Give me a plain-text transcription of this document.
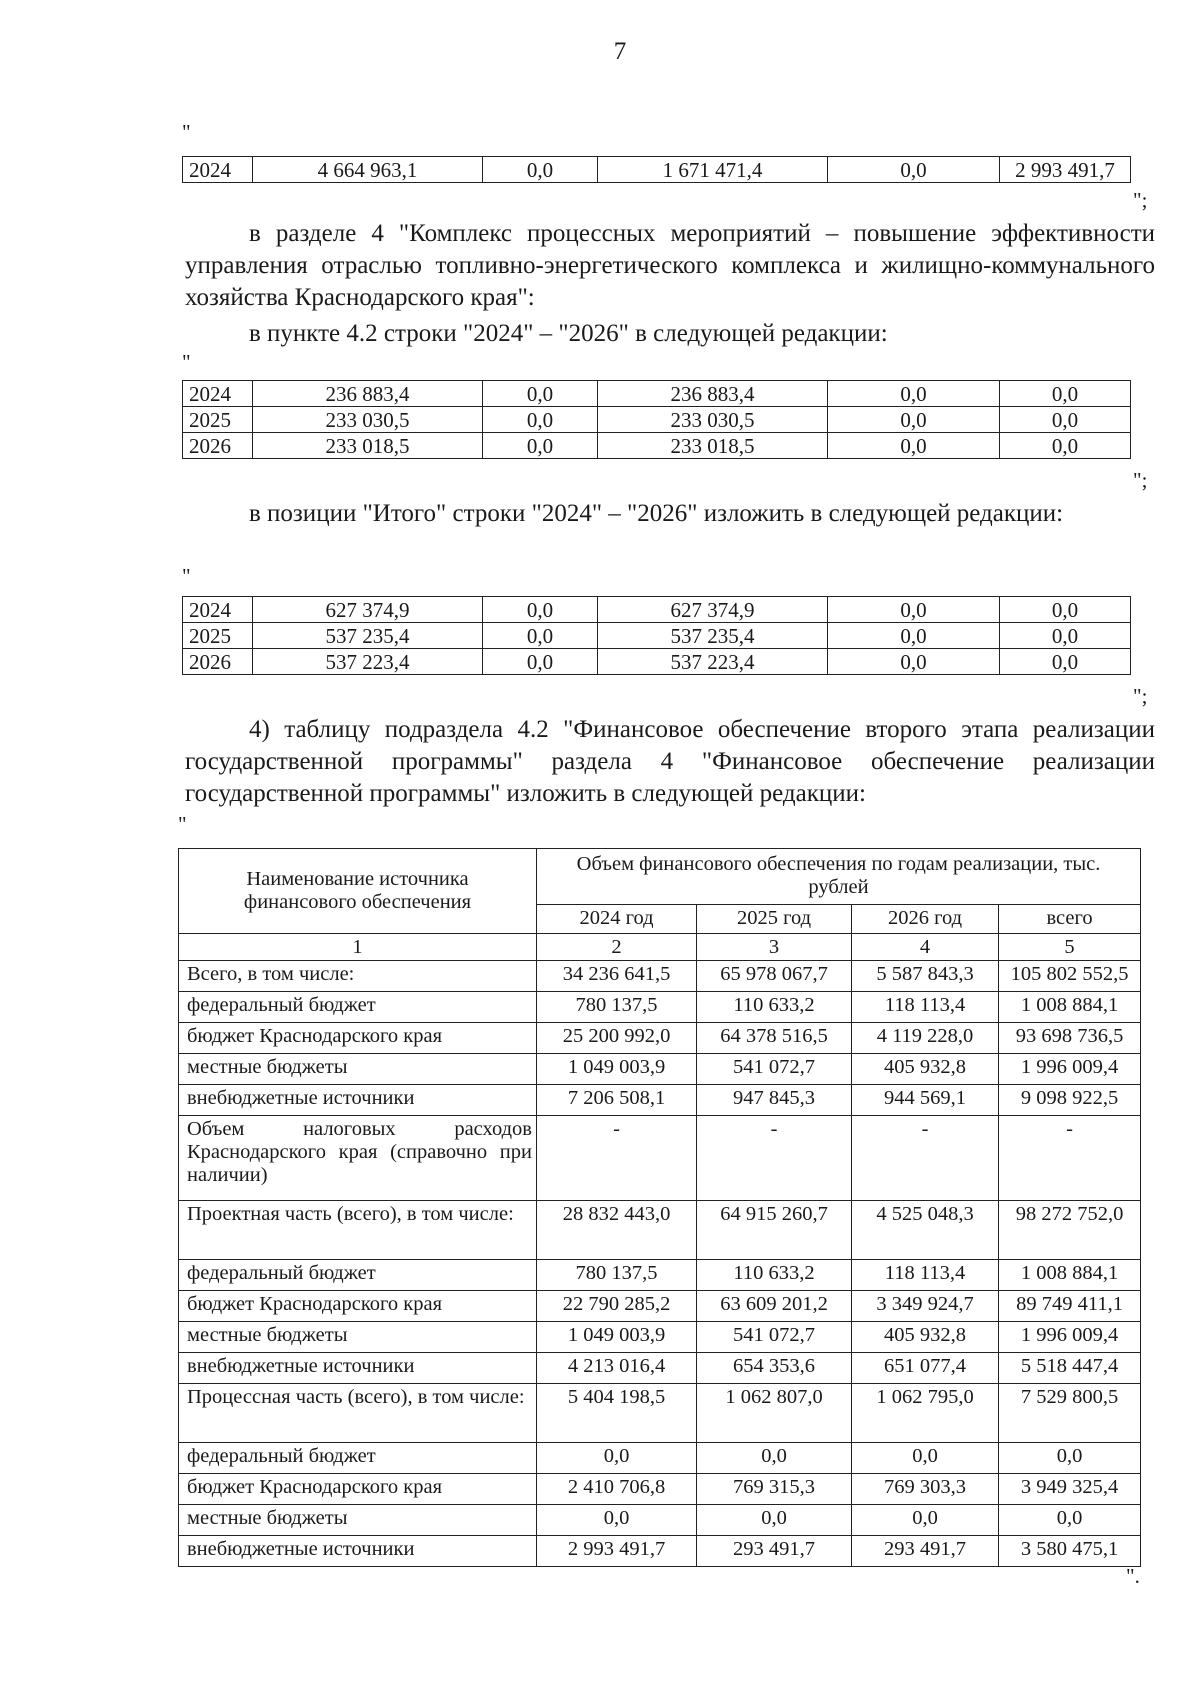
7
"
2024	4 664 963,1	0,0	1 671 471,4	0,0	2 993 491,7
";
в разделе 4 "Комплекс процессных мероприятий – повышение эффективности управления отраслью топливно-энергетического комплекса и жилищно-коммунального хозяйства Краснодарского края":
в пункте 4.2 строки "2024" – "2026" в следующей редакции:
"
2024	236 883,4	0,0	236 883,4	0,0	0,0
2025	233 030,5	0,0	233 030,5	0,0	0,0
2026	233 018,5	0,0	233 018,5	0,0	0,0
";
в позиции "Итого" строки "2024" – "2026" изложить в следующей редакции:
"
2024	627 374,9	0,0	627 374,9	0,0	0,0
2025	537 235,4	0,0	537 235,4	0,0	0,0
2026	537 223,4	0,0	537 223,4	0,0	0,0
";
4) таблицу подраздела 4.2 "Финансовое обеспечение второго этапа реализации государственной программы" раздела 4 "Финансовое обеспечение реализации государственной программы" изложить в следующей редакции:
"
Наименование источника финансового обеспечения	Объем финансового обеспечения по годам реализации, тыс. рублей			
	2024 год	2025 год	2026 год	всего
1	2	3	4	5
Всего, в том числе:	34 236 641,5	65 978 067,7	5 587 843,3	105 802 552,5
федеральный бюджет	780 137,5	110 633,2	118 113,4	1 008 884,1
бюджет Краснодарского края	25 200 992,0	64 378 516,5	4 119 228,0	93 698 736,5
местные бюджеты	1 049 003,9	541 072,7	405 932,8	1 996 009,4
внебюджетные источники	7 206 508,1	947 845,3	944 569,1	9 098 922,5
Объем налоговых расходов Краснодарского края (справочно при наличии)	-	-	-	-
Проектная часть (всего), в том числе:	28 832 443,0	64 915 260,7	4 525 048,3	98 272 752,0
федеральный бюджет	780 137,5	110 633,2	118 113,4	1 008 884,1
бюджет Краснодарского края	22 790 285,2	63 609 201,2	3 349 924,7	89 749 411,1
местные бюджеты	1 049 003,9	541 072,7	405 932,8	1 996 009,4
внебюджетные источники	4 213 016,4	654 353,6	651 077,4	5 518 447,4
Процессная часть (всего), в том числе:	5 404 198,5	1 062 807,0	1 062 795,0	7 529 800,5
федеральный бюджет	0,0	0,0	0,0	0,0
бюджет Краснодарского края	2 410 706,8	769 315,3	769 303,3	3 949 325,4
местные бюджеты	0,0	0,0	0,0	0,0
внебюджетные источники	2 993 491,7	293 491,7	293 491,7	3 580 475,1
".
